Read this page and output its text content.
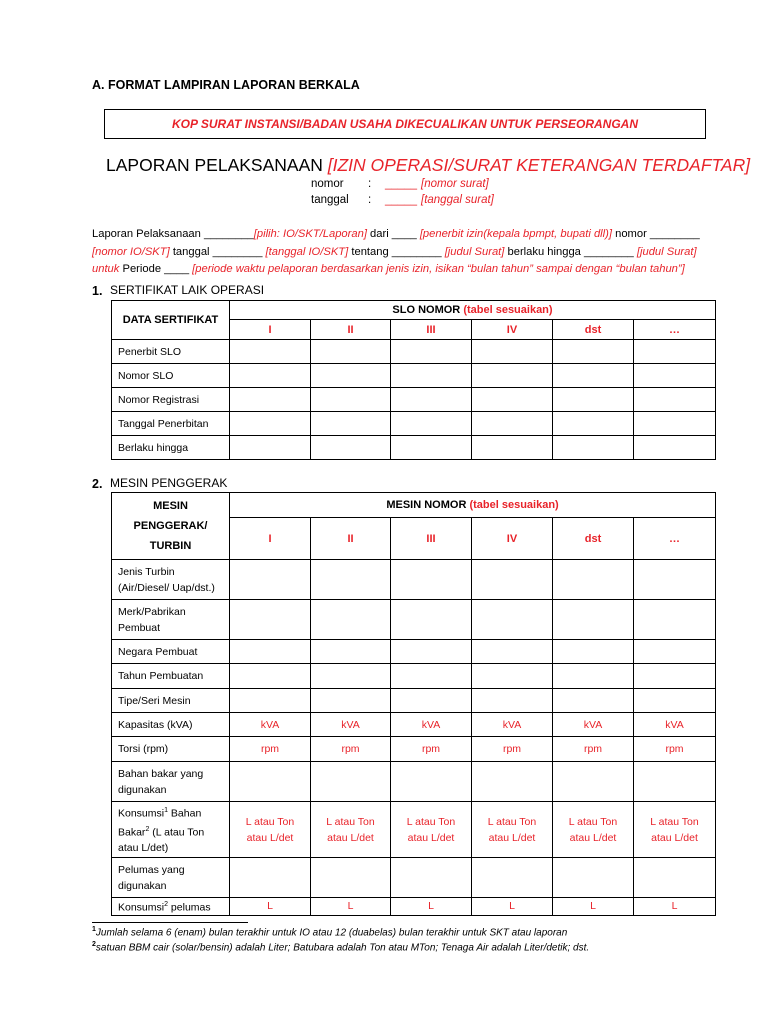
A. FORMAT LAMPIRAN LAPORAN BERKALA
KOP SURAT INSTANSI/BADAN USAHA DIKECUALIKAN UNTUK PERSEORANGAN
LAPORAN PELAKSANAAN [IZIN OPERASI/SURAT KETERANGAN TERDAFTAR]
nomor : _____ [nomor surat]
tanggal : _____ [tanggal surat]
Laporan Pelaksanaan ________[pilih: IO/SKT/Laporan] dari ____ [penerbit izin(kepala bpmpt, bupati dll)] nomor ________ [nomor IO/SKT] tanggal ________ [tanggal IO/SKT] tentang ________ [judul Surat] berlaku hingga ________ [judul Surat] untuk Periode ____ [periode waktu pelaporan berdasarkan jenis izin, isikan “bulan tahun” sampai dengan “bulan tahun”]
1. SERTIFIKAT LAIK OPERASI
DATA SERTIFIKAT	SLO NOMOR (tabel sesuaikan)					
	I	II	III	IV	dst	…
Penerbit SLO						
Nomor SLO						
Nomor Registrasi						
Tanggal Penerbitan						
Berlaku hingga						
2. MESIN PENGGERAK
MESIN
PENGGERAK/
TURBIN	MESIN NOMOR (tabel sesuaikan)					
	I	II	III	IV	dst	…
Jenis Turbin (Air/Diesel/ Uap/dst.)						
Merk/Pabrikan Pembuat						
Negara Pembuat						
Tahun Pembuatan						
Tipe/Seri Mesin						
Kapasitas (kVA)	kVA	kVA	kVA	kVA	kVA	kVA
Torsi (rpm)	rpm	rpm	rpm	rpm	rpm	rpm
Bahan bakar yang digunakan						
Konsumsi$^1$ Bahan Bakar$^2$ (L atau Ton atau L/det)	L atau Ton atau L/det	L atau Ton atau L/det	L atau Ton atau L/det	L atau Ton atau L/det	L atau Ton atau L/det	L atau Ton atau L/det
Pelumas yang digunakan						
Konsumsi$^2$ pelumas	L	L	L	L	L	L
$^1$Jumlah selama 6 (enam) bulan terakhir untuk IO atau 12 (duabelas) bulan terakhir untuk SKT atau laporan
$^2$satuan BBM cair (solar/bensin) adalah Liter; Batubara adalah Ton atau MTon; Tenaga Air adalah Liter/detik; dst.
